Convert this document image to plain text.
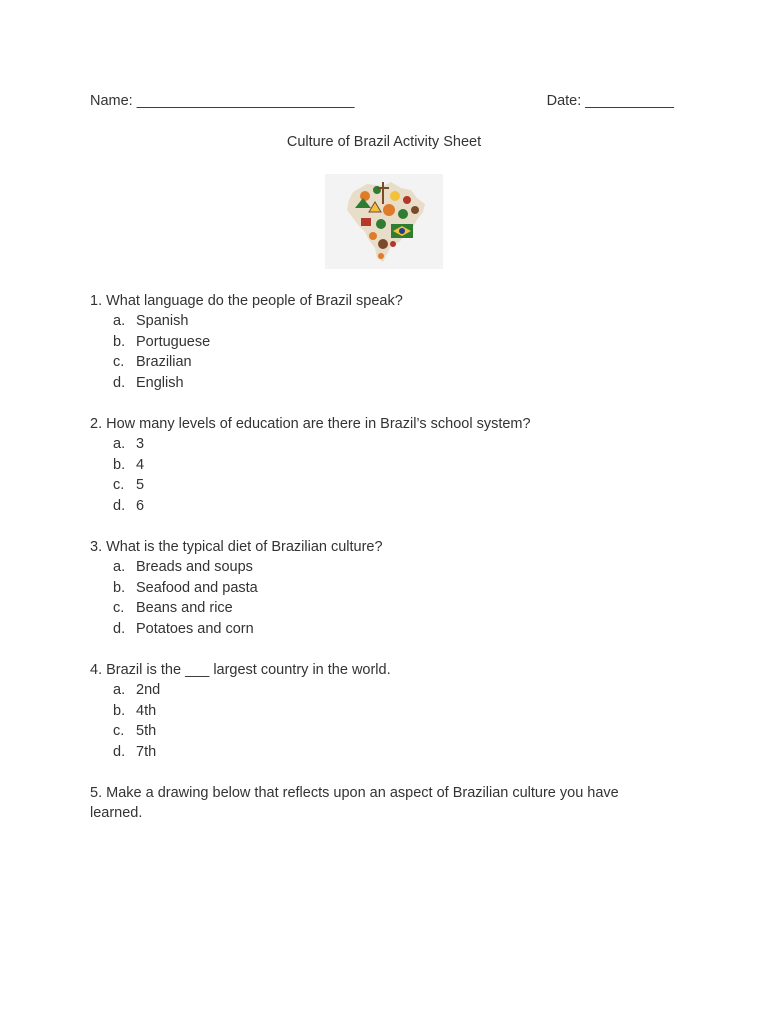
Name: ___________________________	Date: ___________
Culture of Brazil Activity Sheet
1. What language do the people of Brazil speak?
a. Spanish
b. Portuguese
c. Brazilian
d. English
2. How many levels of education are there in Brazil’s school system?
a. 3
b. 4
c. 5
d. 6
3. What is the typical diet of Brazilian culture?
a. Breads and soups
b. Seafood and pasta
c. Beans and rice
d. Potatoes and corn
4. Brazil is the ___ largest country in the world.
a. 2nd
b. 4th
c. 5th
d. 7th
5. Make a drawing below that reflects upon an aspect of Brazilian culture you have learned.
